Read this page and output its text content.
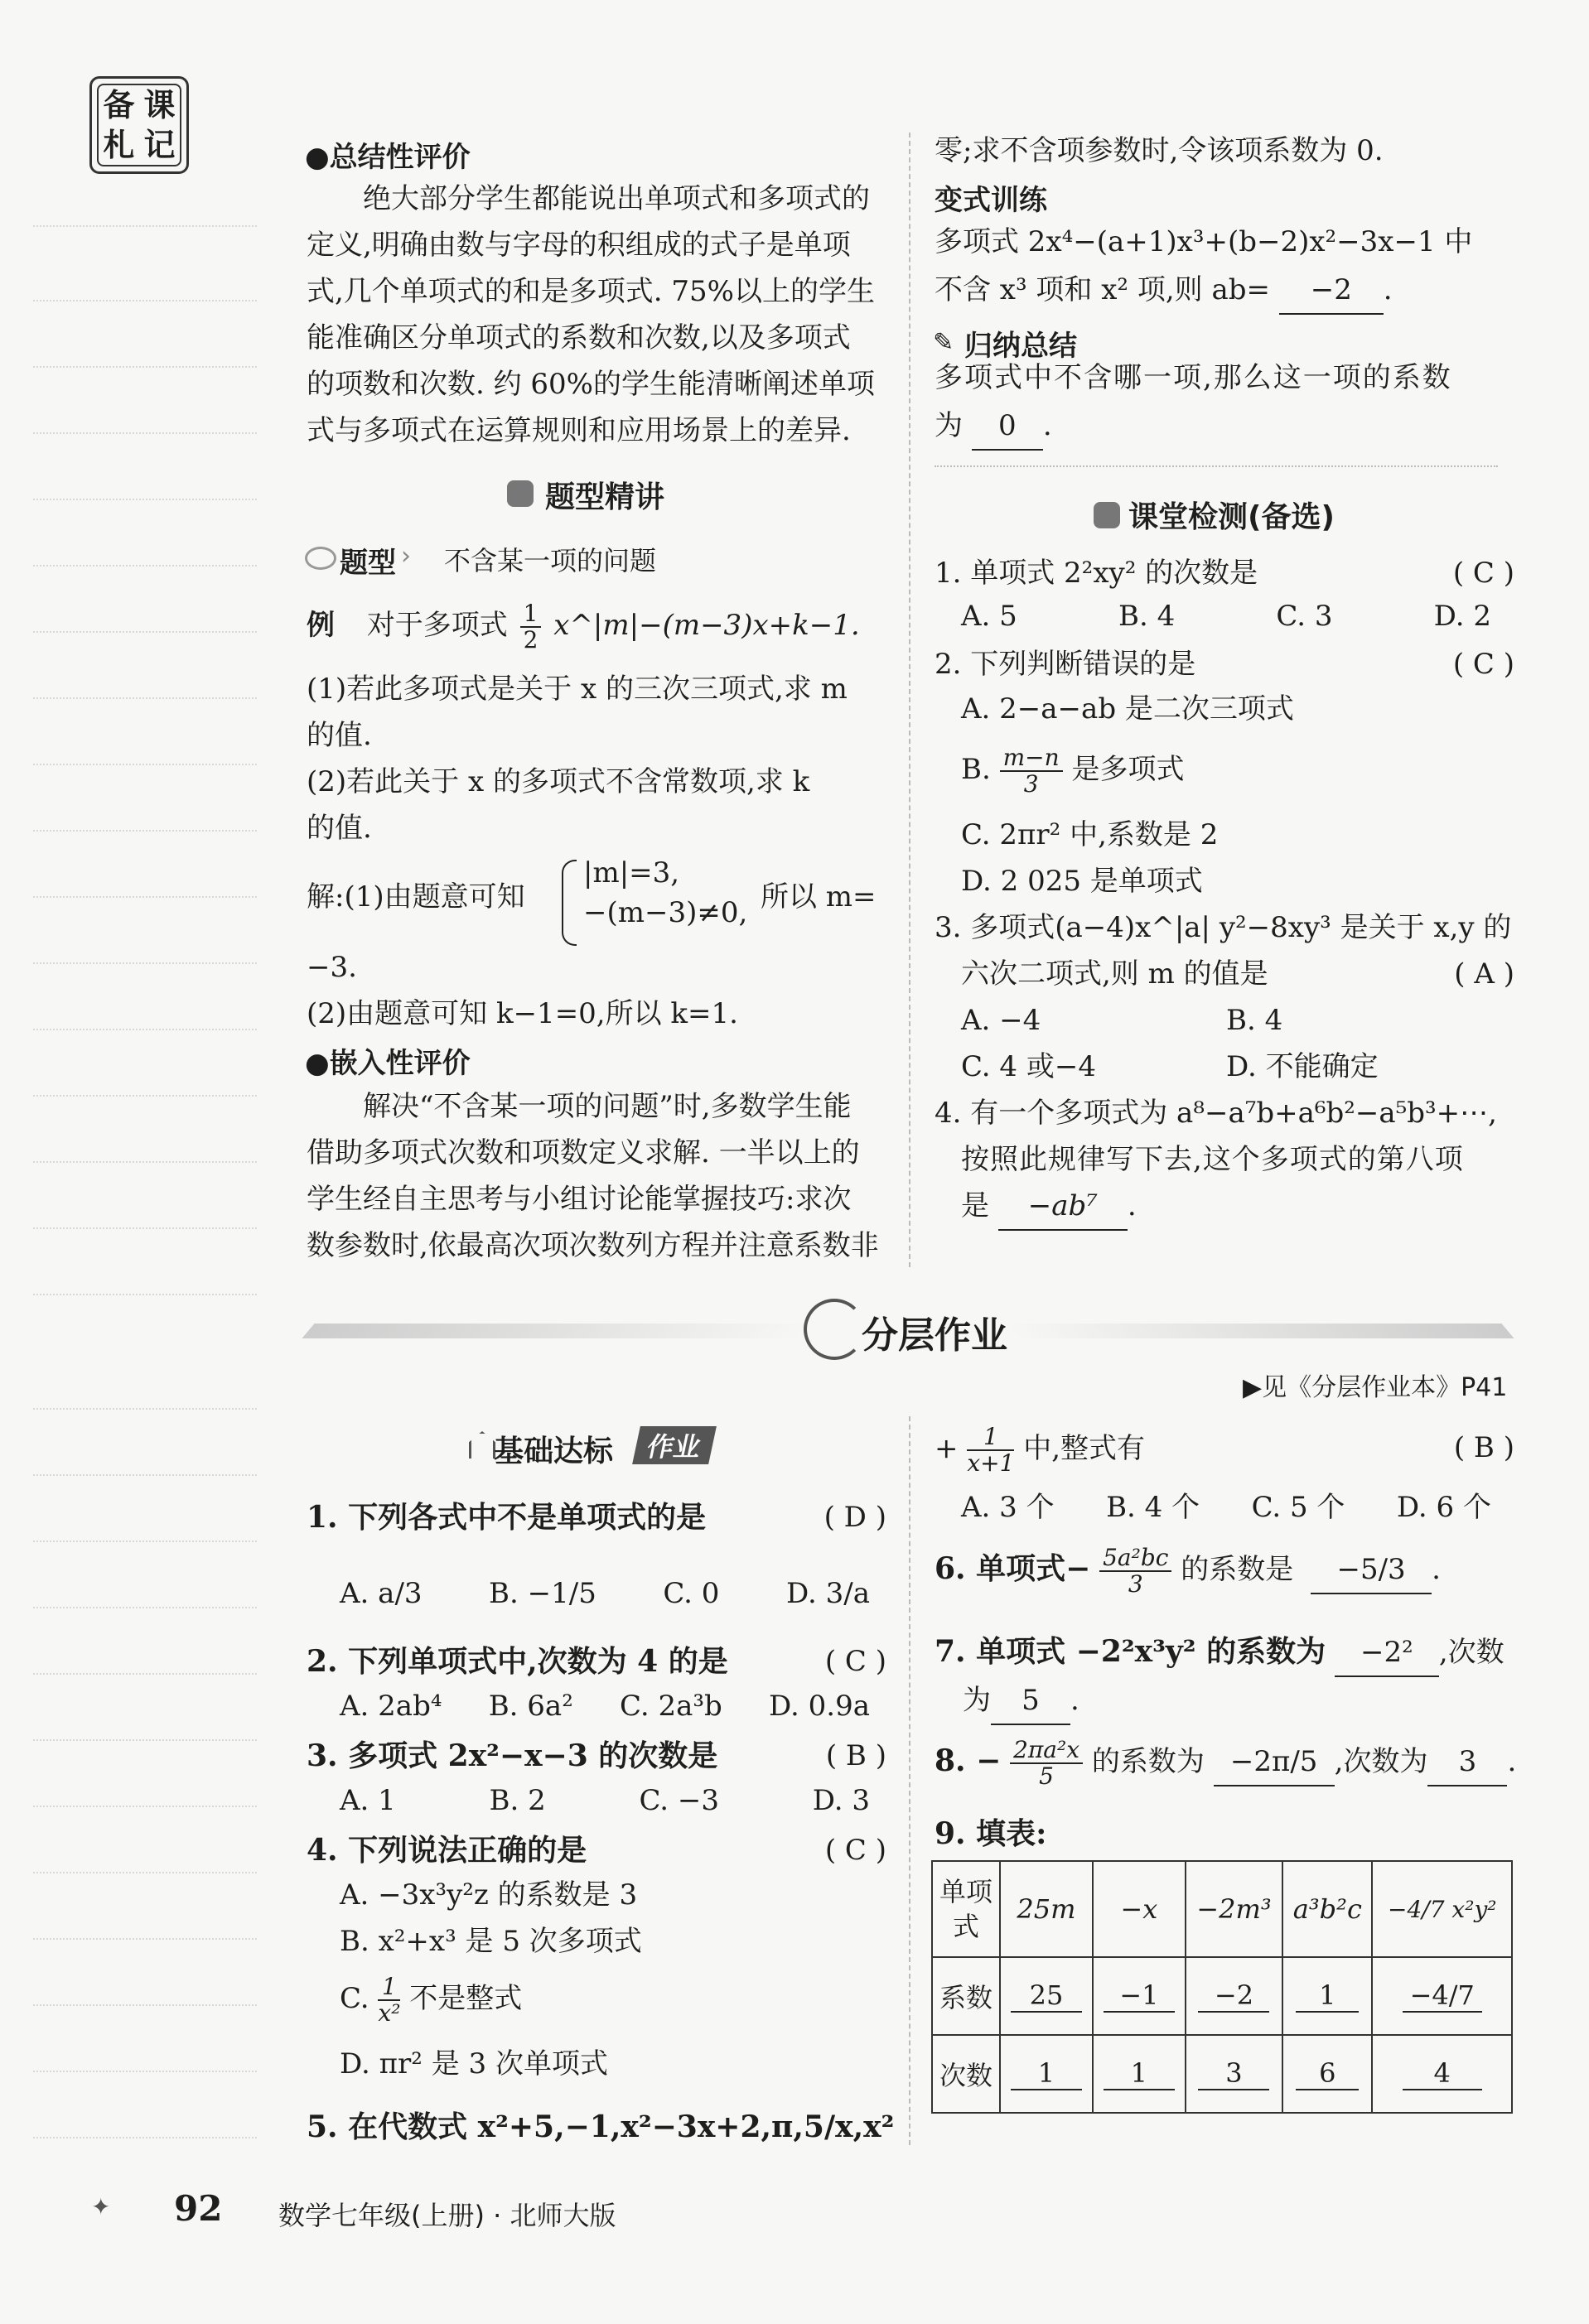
备 课
札 记	●总结性评价
绝大部分学生都能说出单项式和多项式的
定义,明确由数与字母的积组成的式子是单项
式,几个单项式的和是多项式. 75%以上的学生
能准确区分单项式的系数和次数,以及多项式
的项数和次数. 约 60%的学生能清晰阐述单项
式与多项式在运算规则和应用场景上的差异.
题型精讲
题型 › 不含某一项的问题
例 对于多项式 $\frac{1}{2}$ x^|m|−(m−3)x+k−1.
(1)若此多项式是关于 x 的三次三项式,求 m
的值.
(2)若此关于 x 的多项式不含常数项,求 k
的值.
解:(1)由题意可知
|m|=3,
−(m−3)≠0, 所以 m=
−3.
(2)由题意可知 k−1=0,所以 k=1.
●嵌入性评价
解决“不含某一项的问题”时,多数学生能
借助多项式次数和项数定义求解. 一半以上的
学生经自主思考与小组讨论能掌握技巧:求次
数参数时,依最高次项次数列方程并注意系数非
零;求不含项参数时,令该项系数为 0.
变式训练
多项式 2x⁴−(a+1)x³+(b−2)x²−3x−1 中
不含 x³ 项和 x² 项,则 ab= −2 .
✎ 归纳总结
多项式中不含哪一项,那么这一项的系数
为 0 .
课堂检测(备选)
1. 单项式 2²xy² 的次数是	( C )
A. 5	B. 4	C. 3	D. 2
2. 下列判断错误的是	( C )
A. 2−a−ab 是二次三项式
B. $\frac{m-n}{3}$ 是多项式
C. 2πr² 中,系数是 2
D. 2 025 是单项式
3. 多项式(a−4)x^|a| y²−8xy³ 是关于 x,y 的
六次二项式,则 m 的值是	( A )
A. −4	B. 4
C. 4 或−4	D. 不能确定
4. 有一个多项式为 a⁸−a⁷b+a⁶b²−a⁵b³+⋯,
按照此规律写下去,这个多项式的第八项
是 −ab⁷ .
分层作业
▶见《分层作业本》P41
基础达标	作业
1. 下列各式中不是单项式的是	( D )
A. a/3 B. −1/5 C. 0 D. 3/a
2. 下列单项式中,次数为 4 的是	( C )
A. 2ab⁴ B. 6a² C. 2a³b D. 0.9a
3. 多项式 2x²−x−3 的次数是	( B )
A. 1	B. 2	C. −3	D. 3
4. 下列说法正确的是	( C )
A. −3x³y²z 的系数是 3
B. x²+x³ 是 5 次多项式
C. $\frac{1}{\text{x²}}$ 不是整式
D. πr² 是 3 次单项式
5. 在代数式 x²+5,−1,x²−3x+2,π,5/x,x²
+ $\frac{1}{x+1}$ 中,整式有	( B )
A. 3 个 B. 4 个 C. 5 个 D. 6 个
6. 单项式− $\frac{\text{5a²bc}}{3}$ 的系数是 −5/3 .
7. 单项式 −2²x³y² 的系数为 −2² ,次数
为 5 .
8. − $\frac{\text{2πa²x}}{5}$ 的系数为 −2π/5 ,次数为 3 .
9. 填表:
单项式	25m	−x	−2m³	a³b²c	−4/7 x²y²
系数	25	−1	−2	1	−4/7
次数	1	1	3	6	4
✦ 92 数学七年级(上册) · 北师大版
